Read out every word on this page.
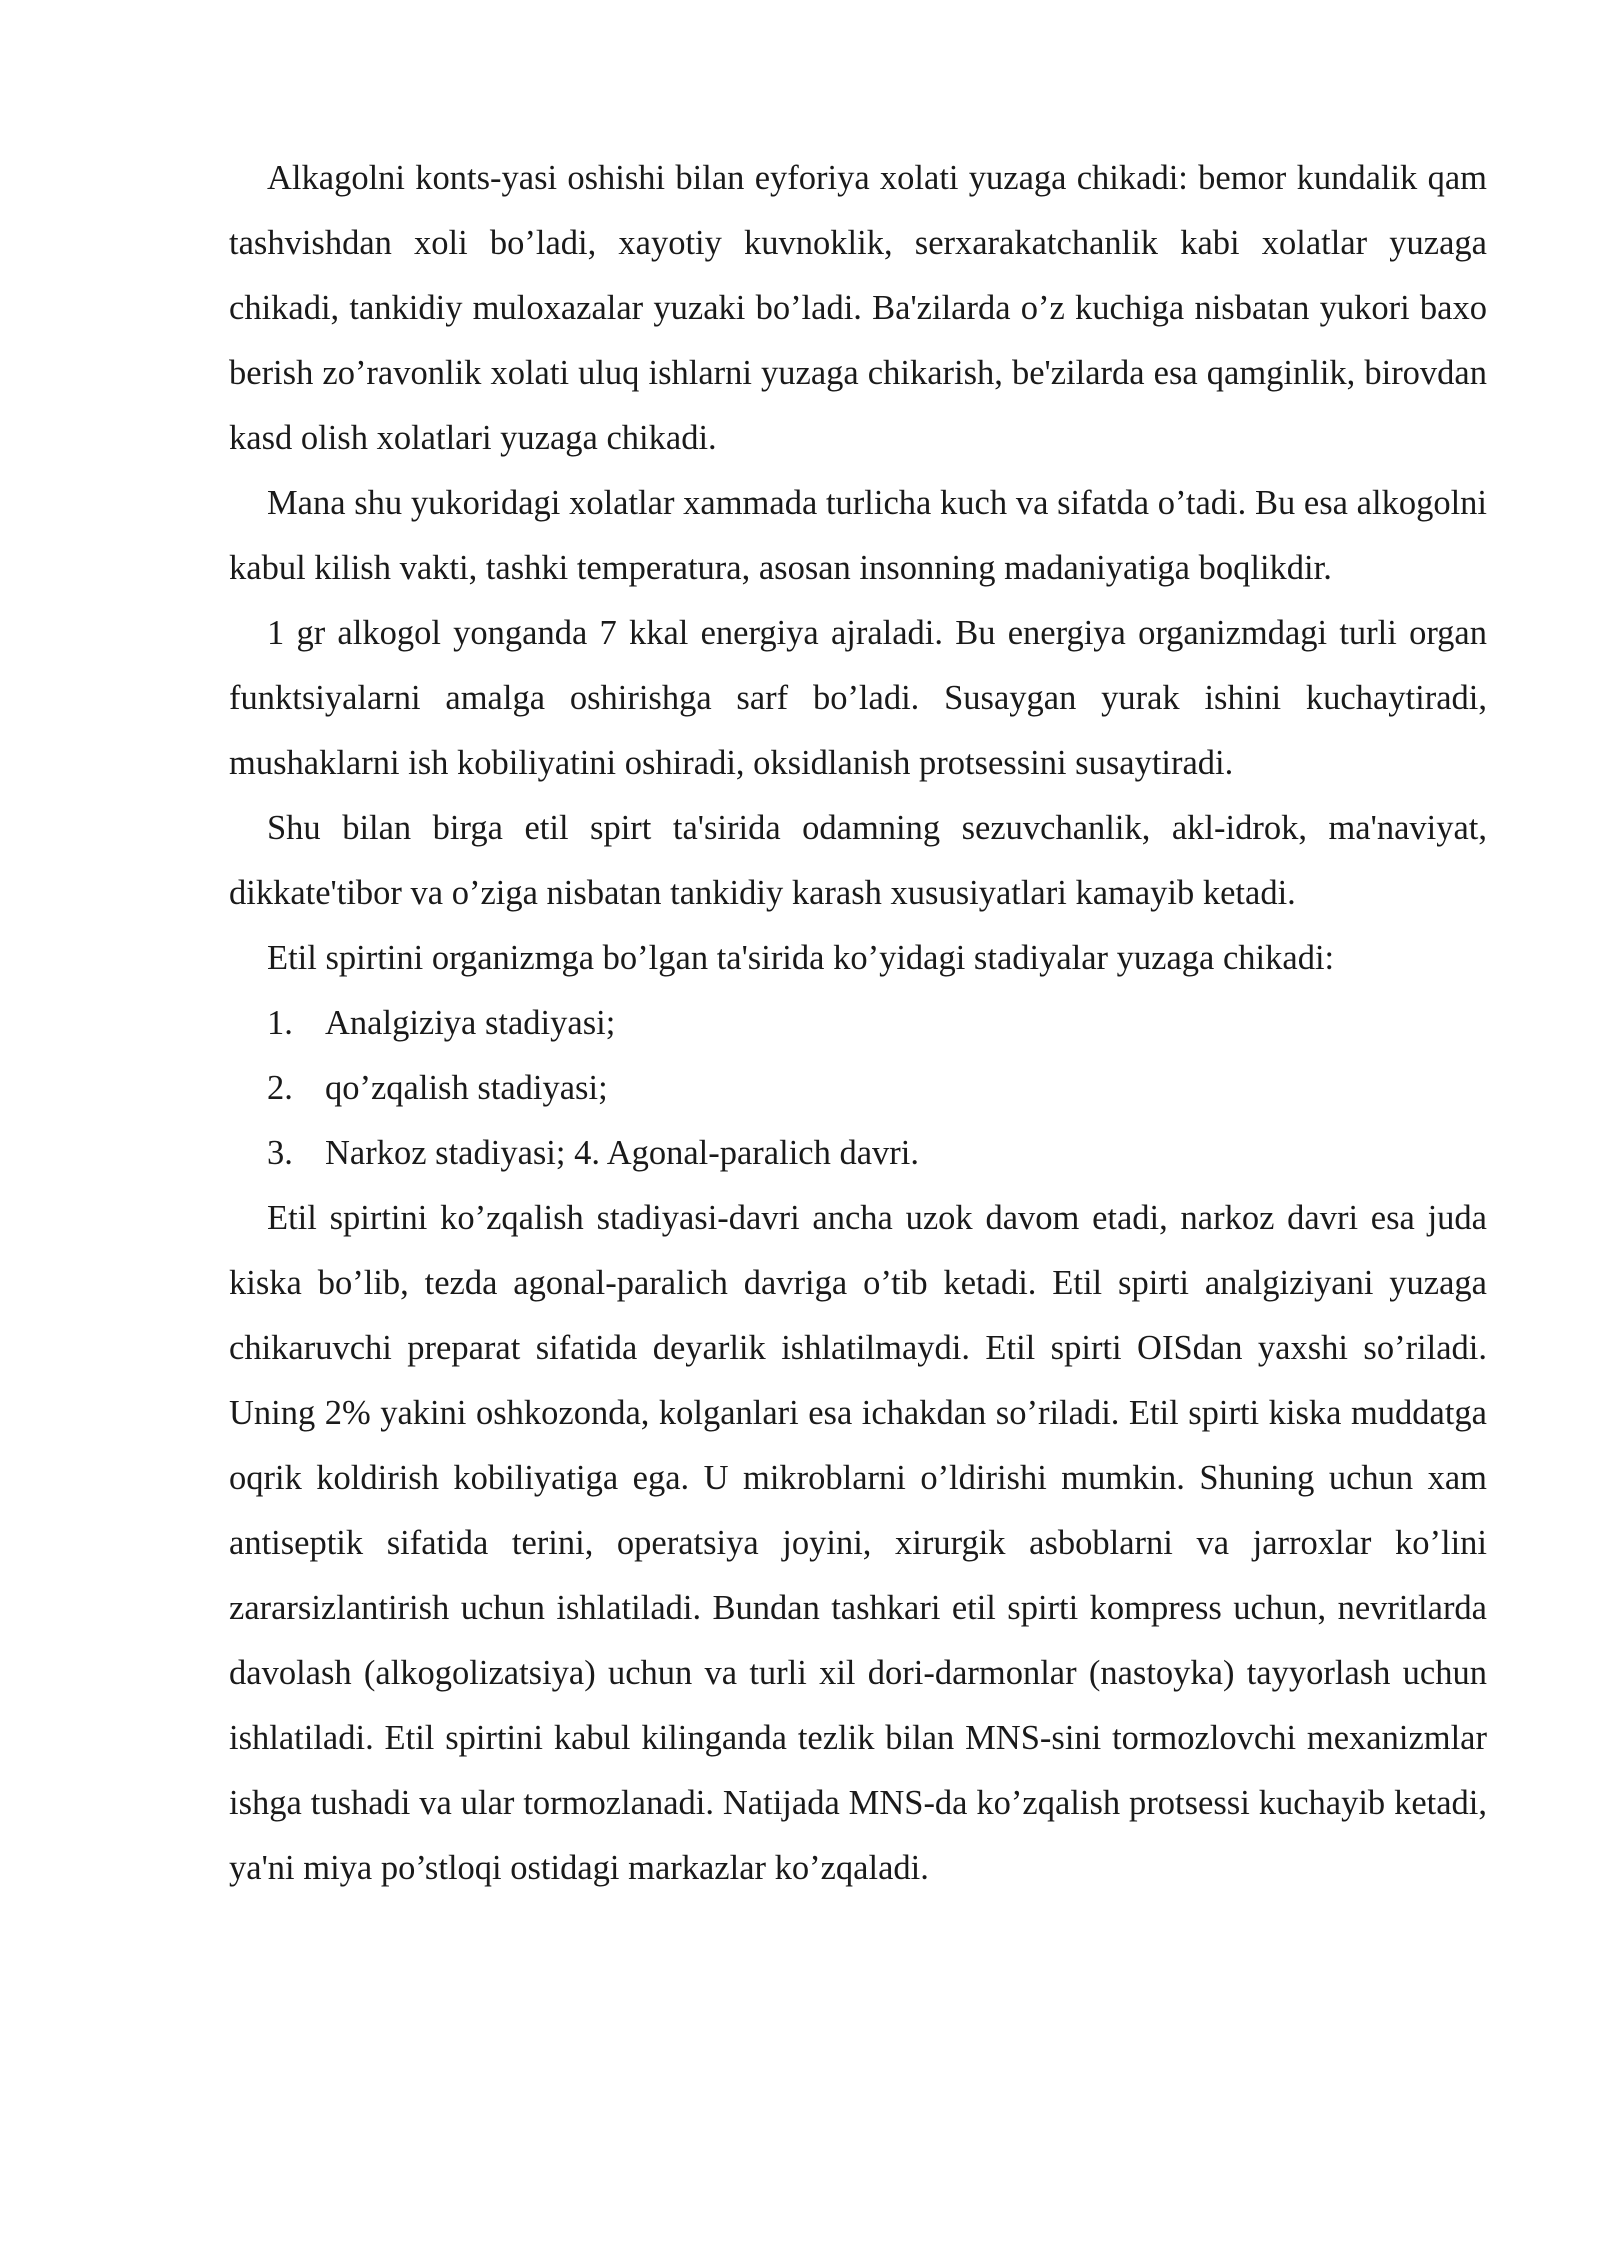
Alkagolni konts-yasi oshishi bilan eyforiya xolati yuzaga chikadi: bemor kundalik qam tashvishdan xoli bo’ladi, xayotiy kuvnoklik, serxarakatchanlik kabi xolatlar yuzaga chikadi, tankidiy muloxazalar yuzaki bo’ladi. Ba'zilarda o’z kuchiga nisbatan yukori baxo berish zo’ravonlik xolati uluq ishlarni yuzaga chikarish, be'zilarda esa qamginlik, birovdan kasd olish xolatlari yuzaga chikadi.

Mana shu yukoridagi xolatlar xammada turlicha kuch va sifatda o’tadi. Bu esa alkogolni kabul kilish vakti, tashki temperatura, asosan insonning madaniyatiga boqlikdir.

1 gr alkogol yonganda 7 kkal energiya ajraladi. Bu energiya organizmdagi turli organ funktsiyalarni amalga oshirishga sarf bo’ladi. Susaygan yurak ishini kuchaytiradi, mushaklarni ish kobiliyatini oshiradi, oksidlanish protsessini susaytiradi.

Shu bilan birga etil spirt ta'sirida odamning sezuvchanlik, akl-idrok, ma'naviyat, dikkate'tibor va o’ziga nisbatan tankidiy karash xususiyatlari kamayib ketadi.

Etil spirtini organizmga bo’lgan ta'sirida ko’yidagi stadiyalar yuzaga chikadi:

1. Analgiziya stadiyasi;
2. qo’zqalish stadiyasi;
3. Narkoz stadiyasi; 4. Agonal-paralich davri.

Etil spirtini ko’zqalish stadiyasi-davri ancha uzok davom etadi, narkoz davri esa juda kiska bo’lib, tezda agonal-paralich davriga o’tib ketadi. Etil spirti analgiziyani yuzaga chikaruvchi preparat sifatida deyarlik ishlatilmaydi. Etil spirti OISdan yaxshi so’riladi. Uning 2% yakini oshkozonda, kolganlari esa ichakdan so’riladi. Etil spirti kiska muddatga oqrik koldirish kobiliyatiga ega. U mikroblarni o’ldirishi mumkin. Shuning uchun xam antiseptik sifatida terini, operatsiya joyini, xirurgik asboblarni va jarroxlar ko’lini zararsizlantirish uchun ishlatiladi. Bundan tashkari etil spirti kompress uchun, nevritlarda davolash (alkogolizatsiya) uchun va turli xil dori-darmonlar (nastoyka) tayyorlash uchun ishlatiladi. Etil spirtini kabul kilinganda tezlik bilan MNS-sini tormozlovchi mexanizmlar ishga tushadi va ular tormozlanadi. Natijada MNS-da ko’zqalish protsessi kuchayib ketadi, ya'ni miya po’stloqi ostidagi markazlar ko’zqaladi.
